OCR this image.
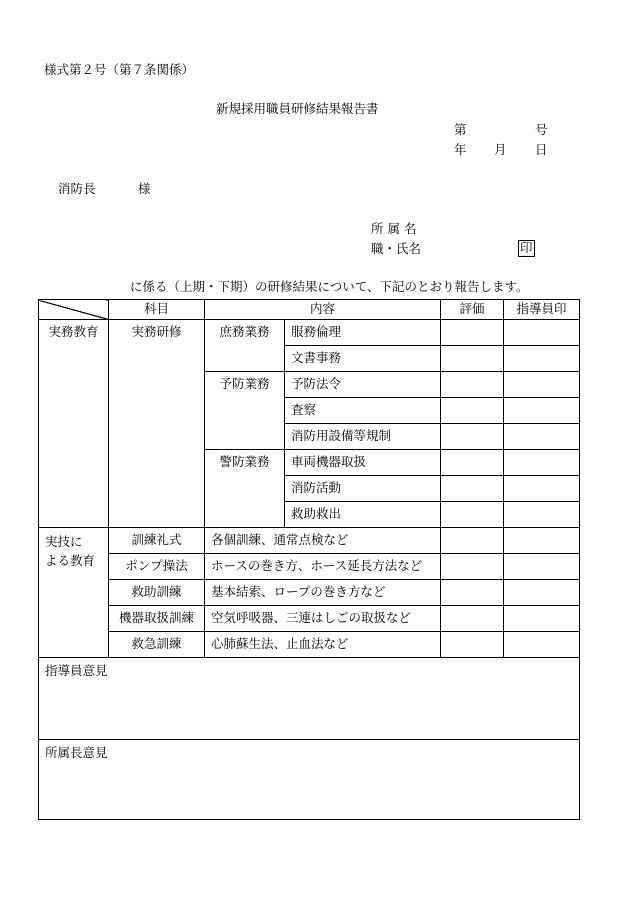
様式第２号（第７条関係）
新規採用職員研修結果報告書
第	号
年 月 日
消防長	様
所 属 名
職・氏名	印
に係る（上期・下期）の研修結果について、下記のとおり報告します。
	科目	内容		評価	指導員印
実務教育	実務研修	庶務業務	服務倫理		
			文書事務		
		予防業務	予防法令		
			査察		
			消防用設備等規制		
		警防業務	車両機器取扱		
			消防活動		
			救助救出		

実技に
よる教育	訓練礼式	各個訓練、通常点検など			
	ポンプ操法	ホースの巻き方、ホース延長方法など			
	救助訓練	基本結索、ロープの巻き方など			
	機器取扱訓練	空気呼吸器、三連はしごの取扱など			
	救急訓練	心肺蘇生法、止血法など			
指導員意見					
所属長意見					
